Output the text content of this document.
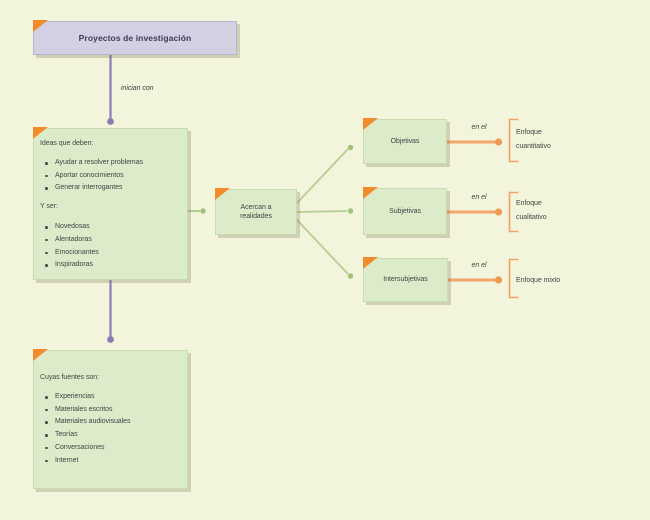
Proyectos de investigación
inician con

Ideas que deben:

Ayudar a resolver problemas
Aportar conocimientos
Generar interrogantes

Y ser:

Novedosas
Alentadoras
Emocionantes
Inspiradoras

Cuyas fuentes son:

Experiencias
Materiales escritos
Materiales audiovisuales
Teorías
Conversaciones
Internet
Acercan a
realidades
Objetivas
en el
Enfoque
cuantitativo
Subjetivas
en el
Enfoque
cualitativo
Intersubjetivas
en el
Enfoque mixto
